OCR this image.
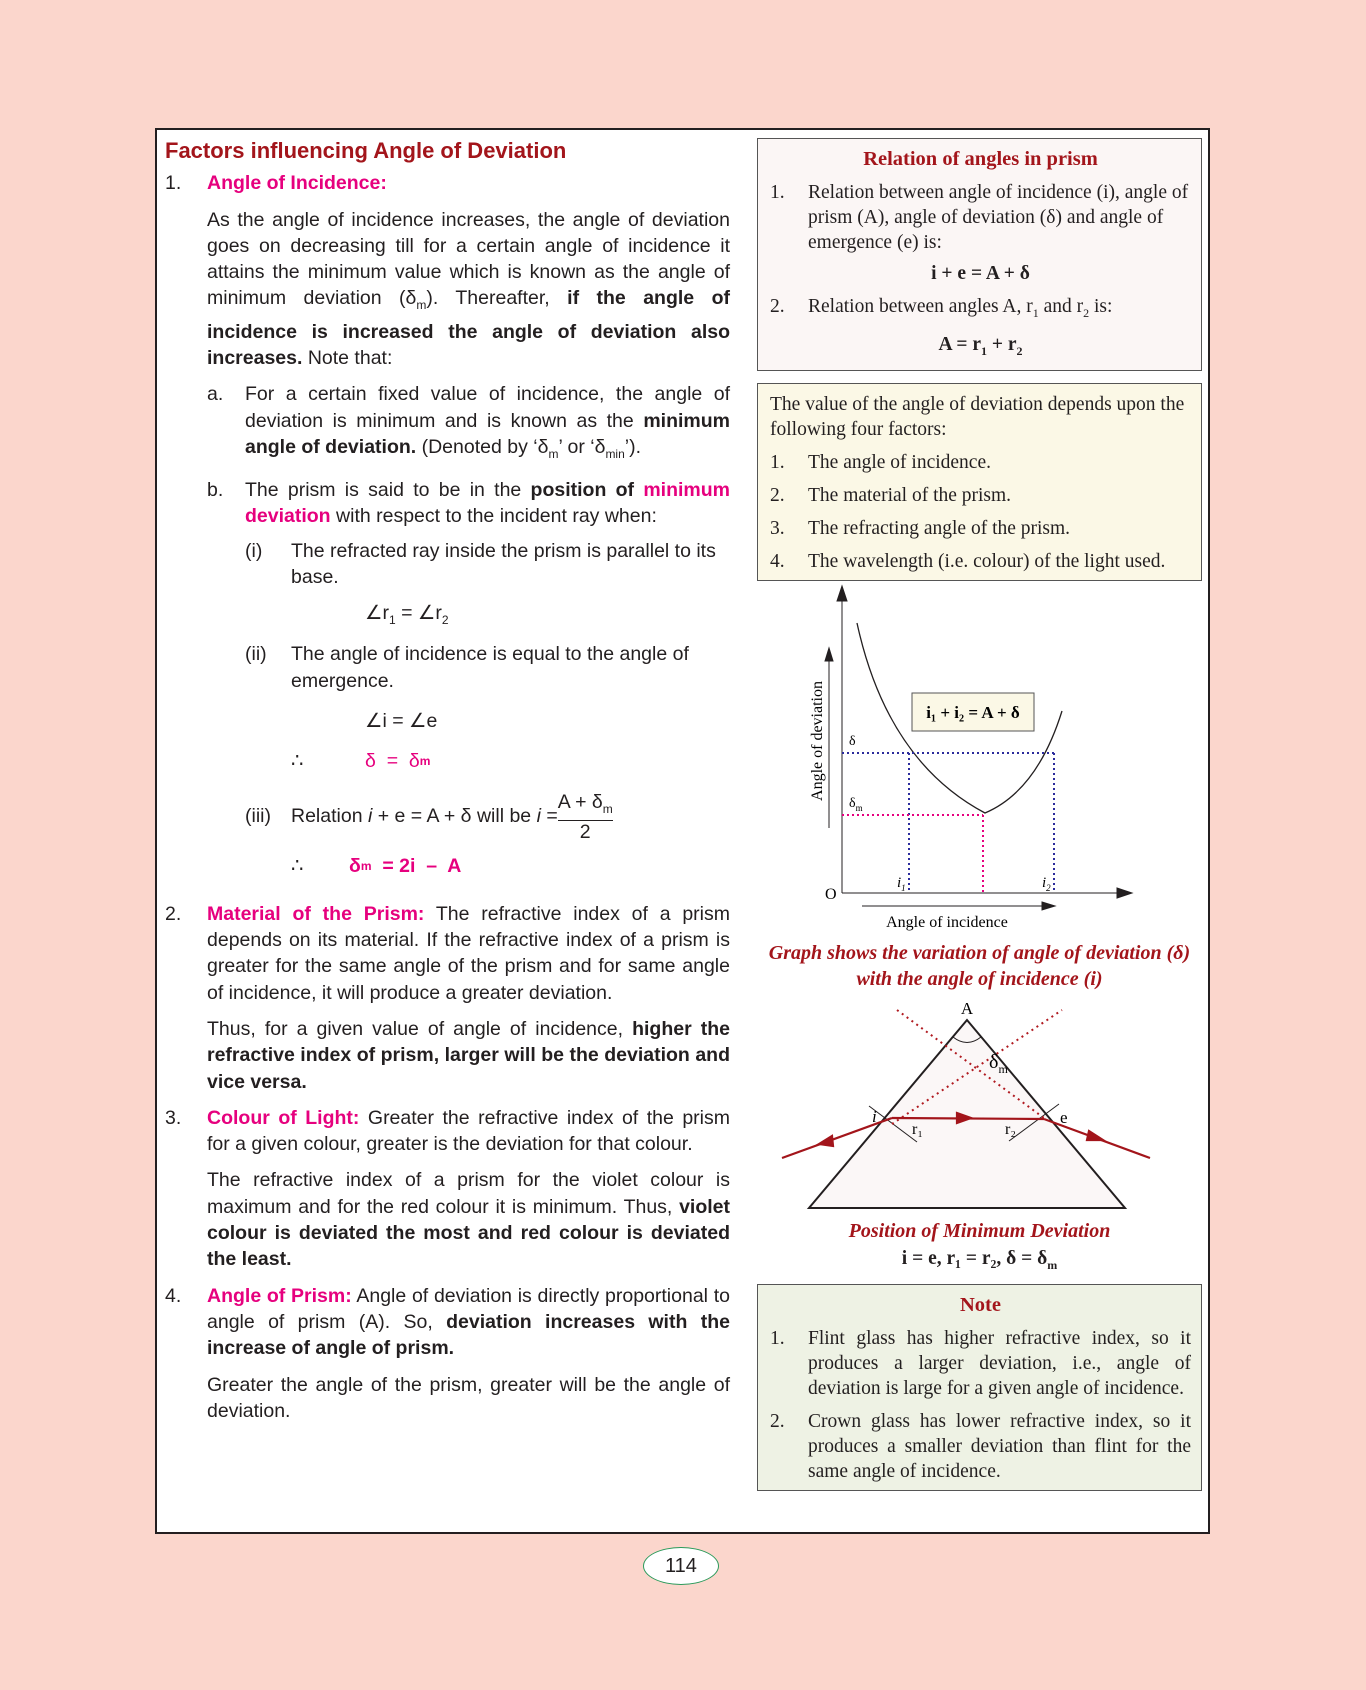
Factors influencing Angle of Deviation
1.	Angle of Incidence:

As the angle of incidence increases, the angle of deviation goes on decreasing till for a certain angle of incidence it attains the minimum value which is known as the angle of minimum deviation $(\delta_m)$. Thereafter, if the angle of incidence is increased the angle of deviation also increases. Note that:

a.	For a certain fixed value of incidence, the angle of deviation is minimum and is known as the minimum angle of deviation. (Denoted by ‘$\delta_m$’ or ‘$\delta_{min}$’).
b.	The prism is said to be in the position of minimum deviation with respect to the incident ray when:
(i)	The refracted ray inside the prism is parallel to its base.
$\angle r_1$ = $\angle r_2$
(ii)	The angle of incidence is equal to the angle of emergence.
∠i = ∠e
∴	δ  =  δ m
(iii)	Relation i + e = A + δ will be $i = \frac{A + \delta_m}{2}$
∴	δ m = 2i  –  A
2.	Material of the Prism: The refractive index of a prism depends on its material. If the refractive index of a prism is greater for the same angle of the prism and for same angle of incidence, it will produce a greater deviation.

Thus, for a given value of angle of incidence, higher the refractive index of prism, larger will be the deviation and vice versa.

3.	Colour of Light: Greater the refractive index of the prism for a given colour, greater is the deviation for that colour.

The refractive index of a prism for the violet colour is maximum and for the red colour it is minimum. Thus, violet colour is deviated the most and red colour is deviated the least.

4.	Angle of Prism: Angle of deviation is directly proportional to angle of prism (A). So, deviation increases with the increase of angle of prism.

Greater the angle of the prism, greater will be the angle of deviation.

Relation of angles in prism
1.	Relation between angle of incidence (i), angle of prism (A), angle of deviation (δ) and angle of emergence (e) is:
i + e = A + δ
2.	Relation between angles A, $r_1$ and $r_2$ is:
$A = r_1 + r_2$
The value of the angle of deviation depends upon the following four factors:
1.	The angle of incidence.
2.	The material of the prism.
3.	The refracting angle of the prism.
4.	The wavelength (i.e. colour) of the light used.
i₁ + i₂ = A + δ
Angle of deviation
Angle of incidence
O
δ
$\delta_m$
$i_1$	$i_2$
Graph shows the variation of angle of deviation (δ) with the angle of incidence (i)
A
i	e
r₁	r₂
$\delta_m$
Position of Minimum Deviation
i = e, r₁ = r₂, $\delta = \delta_m$
Note
1.	Flint glass has higher refractive index, so it produces a larger deviation, i.e., angle of deviation is large for a given angle of incidence.
2.	Crown glass has lower refractive index, so it produces a smaller deviation than flint for the same angle of incidence.
114
